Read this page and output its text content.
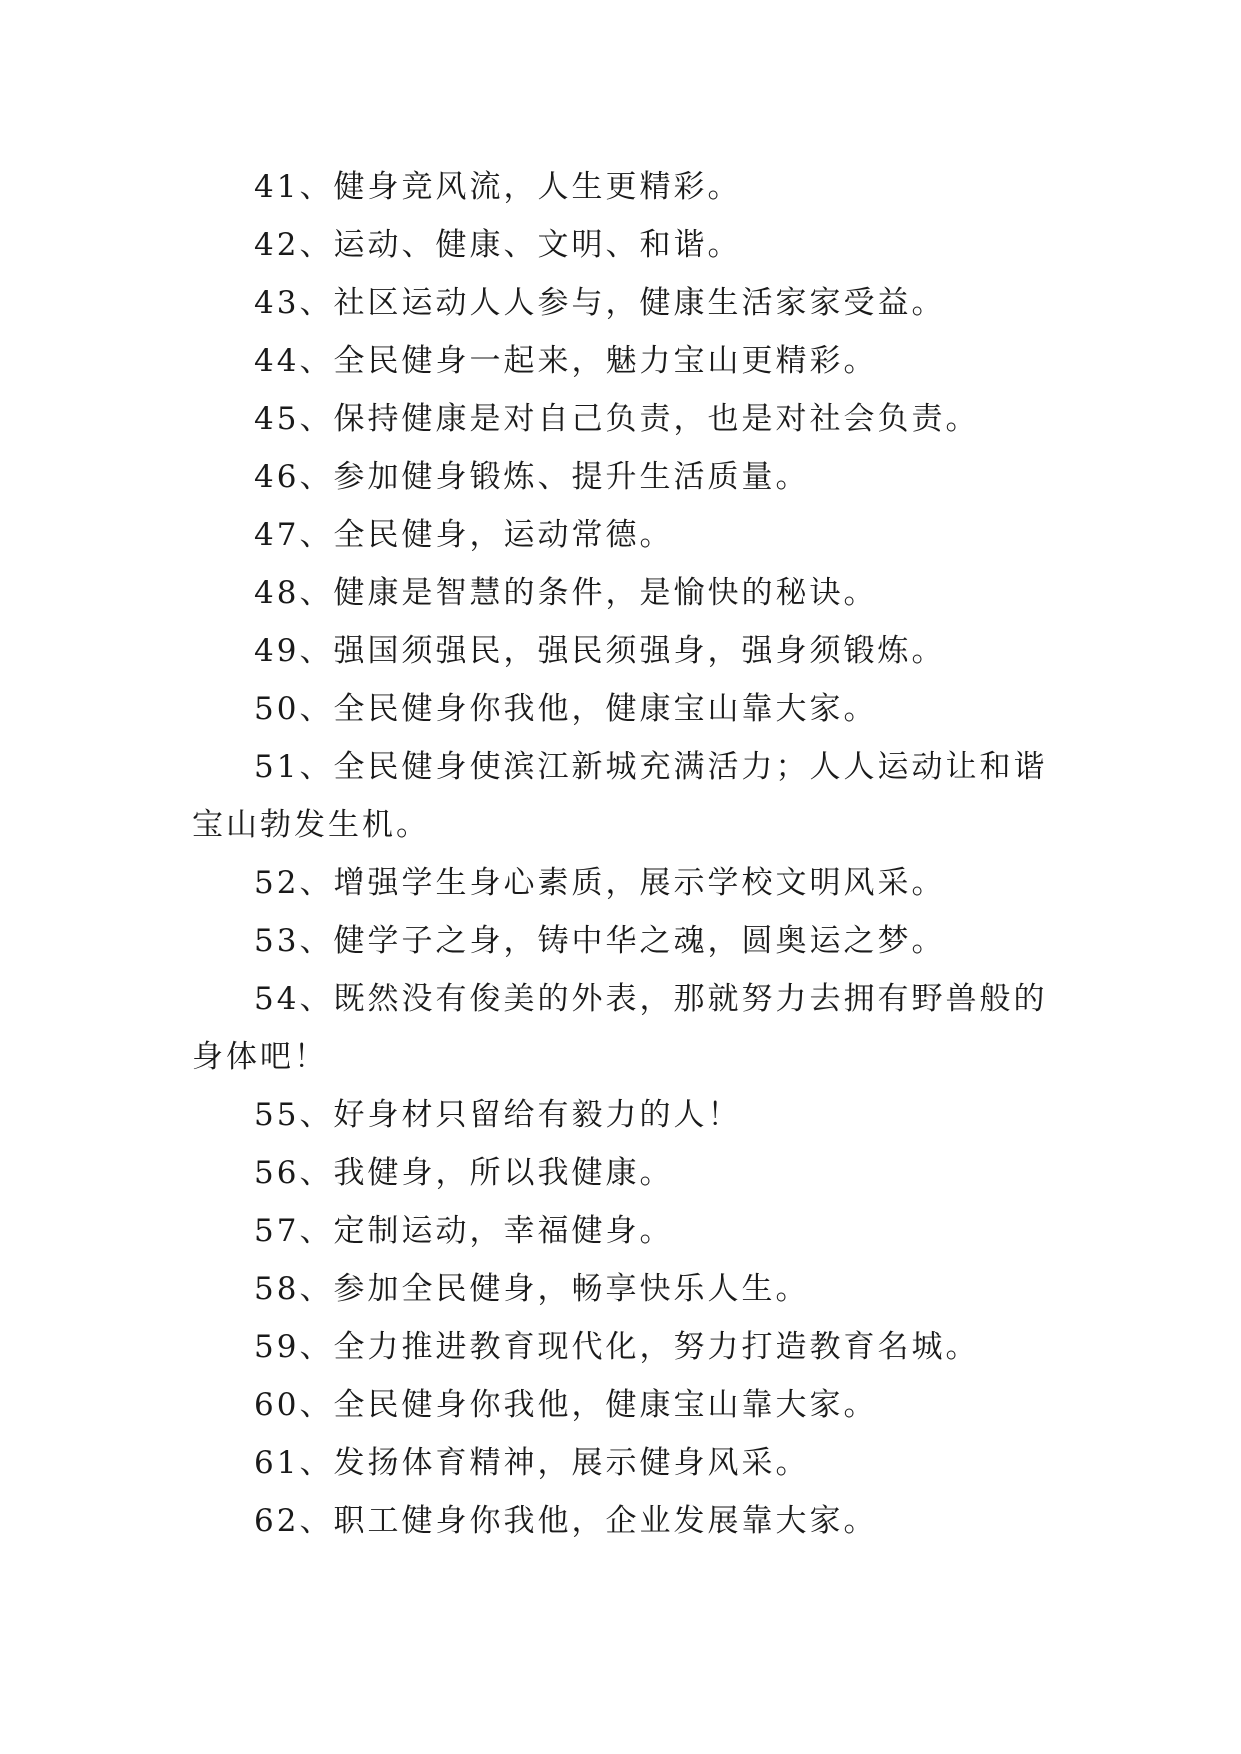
41、健身竞风流，人生更精彩。

42、运动、健康、文明、和谐。

43、社区运动人人参与，健康生活家家受益。

44、全民健身一起来，魅力宝山更精彩。

45、保持健康是对自己负责，也是对社会负责。

46、参加健身锻炼、提升生活质量。

47、全民健身，运动常德。

48、健康是智慧的条件，是愉快的秘诀。

49、强国须强民，强民须强身，强身须锻炼。

50、全民健身你我他，健康宝山靠大家。

51、全民健身使滨江新城充满活力；人人运动让和谐宝山勃发生机。

52、增强学生身心素质，展示学校文明风采。

53、健学子之身，铸中华之魂，圆奥运之梦。

54、既然没有俊美的外表，那就努力去拥有野兽般的身体吧！

55、好身材只留给有毅力的人！

56、我健身，所以我健康。

57、定制运动，幸福健身。

58、参加全民健身，畅享快乐人生。

59、全力推进教育现代化，努力打造教育名城。

60、全民健身你我他，健康宝山靠大家。

61、发扬体育精神，展示健身风采。

62、职工健身你我他，企业发展靠大家。
